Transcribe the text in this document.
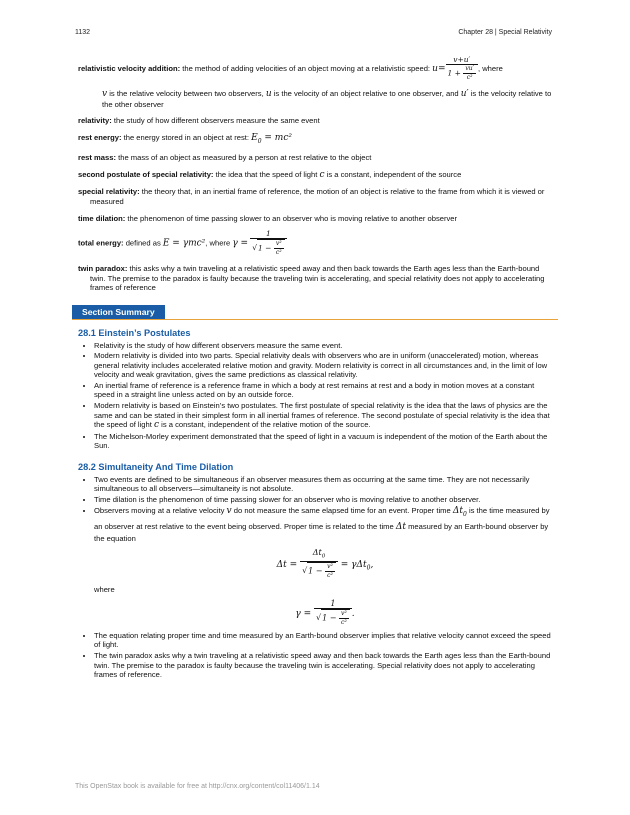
1132	Chapter 28 | Special Relativity
relativistic velocity addition: the method of adding velocities of an object moving at a relativistic speed: $u= \frac{v+u'}{1 + \frac{vu'}{\text{c²}}}$ , where
v is the relative velocity between two observers, u is the velocity of an object relative to one observer, and u′ is the velocity relative to the other observer
relativity: the study of how different observers measure the same event
rest energy: the energy stored in an object at rest: $E_0 = mc^2$
rest mass: the mass of an object as measured by a person at rest relative to the object
second postulate of special relativity: the idea that the speed of light c is a constant, independent of the source
special relativity: the theory that, in an inertial frame of reference, the motion of an object is relative to the frame from which it is viewed or measured
time dilation: the phenomenon of time passing slower to an observer who is moving relative to another observer
total energy: defined as E = γmc², where $\gamma = \frac{1}{√1 - \frac{\text{v²}}{\text{c²}}}$
twin paradox: this asks why a twin traveling at a relativistic speed away and then back towards the Earth ages less than the Earth-bound twin. The premise to the paradox is faulty because the traveling twin is accelerating, and special relativity does not apply to accelerating frames of reference
Section Summary
28.1 Einstein’s Postulates
• Relativity is the study of how different observers measure the same event.
• Modern relativity is divided into two parts. Special relativity deals with observers who are in uniform (unaccelerated) motion, whereas general relativity includes accelerated relative motion and gravity. Modern relativity is correct in all circumstances and, in the limit of low velocity and weak gravitation, gives the same predictions as classical relativity.
• An inertial frame of reference is a reference frame in which a body at rest remains at rest and a body in motion moves at a constant speed in a straight line unless acted on by an outside force.
• Modern relativity is based on Einstein’s two postulates. The first postulate of special relativity is the idea that the laws of physics are the same and can be stated in their simplest form in all inertial frames of reference. The second postulate of special relativity is the idea that the speed of light c is a constant, independent of the relative motion of the source.
• The Michelson-Morley experiment demonstrated that the speed of light in a vacuum is independent of the motion of the Earth about the Sun.
28.2 Simultaneity And Time Dilation
• Two events are defined to be simultaneous if an observer measures them as occurring at the same time. They are not necessarily simultaneous to all observers—simultaneity is not absolute.
• Time dilation is the phenomenon of time passing slower for an observer who is moving relative to another observer.
• Observers moving at a relative velocity v do not measure the same elapsed time for an event. Proper time $\Delta t_0$ is the time measured by an observer at rest relative to the event being observed. Proper time is related to the time Δt measured by an Earth-bound observer by the equation
$\Delta t = \frac{\Delta t_0}{√1 - \frac{\text{v²}}{\text{c²}}} = \gamma\Delta t_0$,
where
$\gamma = \frac{1}{√1 - \frac{\text{v²}}{\text{c²}}}$ .
• The equation relating proper time and time measured by an Earth-bound observer implies that relative velocity cannot exceed the speed of light.
• The twin paradox asks why a twin traveling at a relativistic speed away and then back towards the Earth ages less than the Earth-bound twin. The premise to the paradox is faulty because the traveling twin is accelerating. Special relativity does not apply to accelerating frames of reference.
This OpenStax book is available for free at http://cnx.org/content/col11406/1.14
